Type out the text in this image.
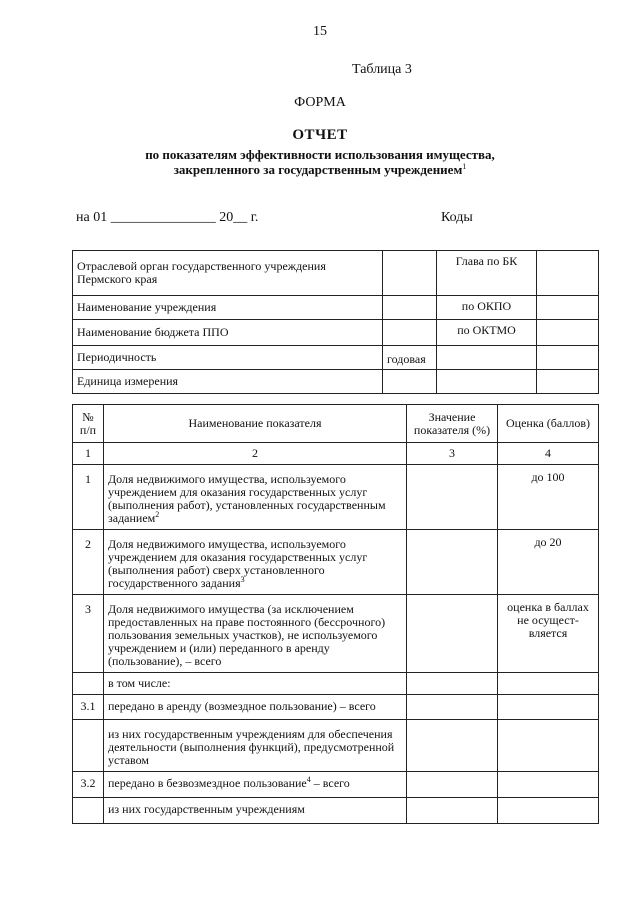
15
Таблица 3
ФОРМА
ОТЧЕТ
по показателям эффективности использования имущества,
закрепленного за государственным учреждением$^1$
на 01 _______________ 20__ г.	Коды
Отраслевой орган государственного учреждения Пермского края		Глава по БК	
Наименование учреждения		по ОКПО	
Наименование бюджета ППО		по ОКТМО	
Периодичность	годовая		
Единица измерения			
№ п/п	Наименование показателя	Значение показателя (%)	Оценка (баллов)
1	2	3	4
1	Доля недвижимого имущества, используемого учреждением для оказания государственных услуг (выполнения работ), установленных государственным заданием$^2$		до 100
2	Доля недвижимого имущества, используемого учреждением для оказания государственных услуг (выполнения работ) сверх установленного государственного задания$^3$		до 20
3	Доля недвижимого имущества (за исключением предоставленных на праве постоянного (бессрочного) пользования земельных участков), не используемого учреждением и (или) переданного в аренду (пользование), – всего		оценка в баллах не осущест-вляется
	в том числе:		
3.1	передано в аренду (возмездное пользование) – всего		
	из них государственным учреждениям для обеспечения деятельности (выполнения функций), предусмотренной уставом		
3.2	передано в безвозмездное пользование$^4$ – всего		
	из них государственным учреждениям		
